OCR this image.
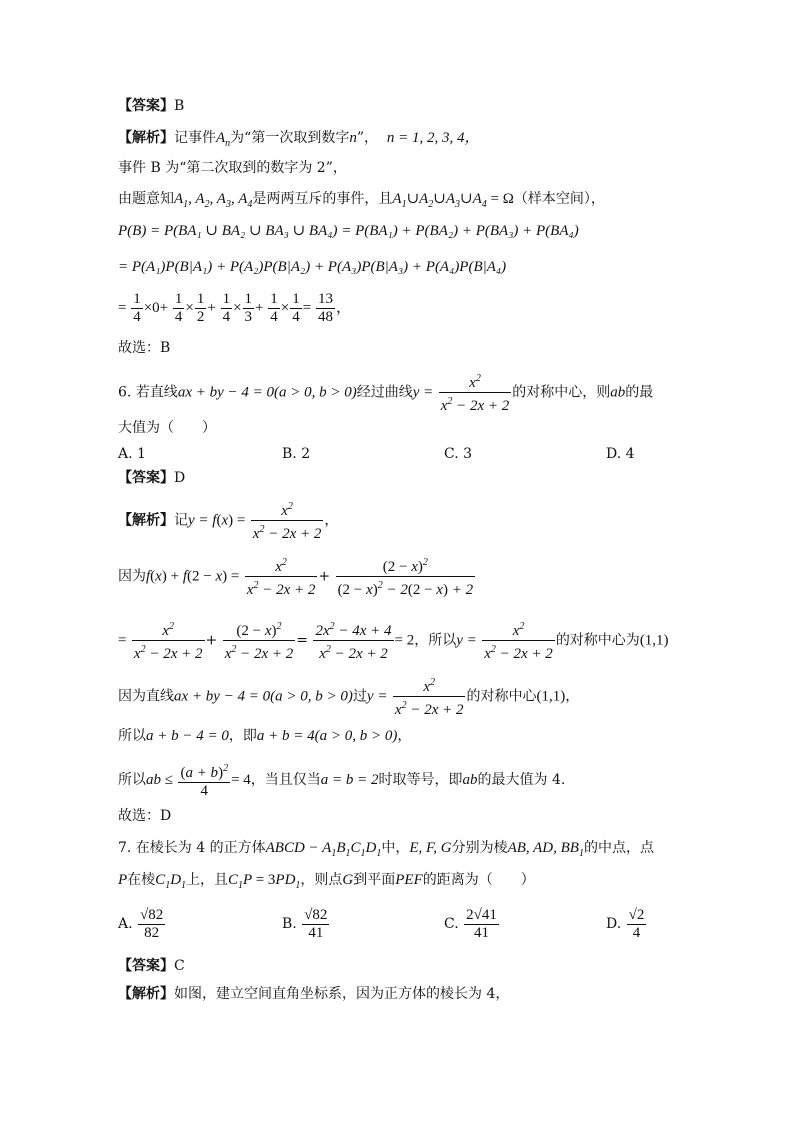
【答案】B
【解析】记事件$A_n$为“第一次取到数字n”， n = 1, 2, 3, 4，
事件 B 为“第二次取到的数字为 2”，
由题意知$A_1$, $A_2$, $A_3$, $A_4$是两两互斥的事件，且$A_1\cup A_2\cup A_3\cup A_4 = \Omega$（样本空间），
P(B) = P(BA₁ ∪ BA₂ ∪ BA₃ ∪ BA₄) = P(BA₁) + P(BA₂) + P(BA₃) + P(BA₄)
= P(A₁)P(B|A₁) + P(A₂)P(B|A₂) + P(A₃)P(B|A₃) + P(A₄)P(B|A₄)
= $\frac{1}{4} \times 0+ \frac{1}{4} \times \frac{1}{2} + \frac{1}{4} \times \frac{1}{3} + \frac{1}{4} \times \frac{1}{4} = \frac{13}{48}$ ，
故选：B
6. 若直线ax + by − 4 = 0(a > 0, b > 0)经过曲线$y = \frac{x^2}{x^2 - 2x + 2}$ 的对称中心，则ab的最
大值为（　　）
A. 1	B. 2	C. 3	D. 4
【答案】D
【解析】记$y = f(x) = \frac{x^2}{x^2 - 2x + 2}$ ，
因为$f(x) + f(2 - x) = \frac{x^2}{x^2 - 2x + 2} + \frac{(2 - x)^2}{(2 - x)^2 - 2(2 - x) + 2}$
= $\frac{x^2}{x^2 - 2x + 2} + \frac{(2 - x)^2}{x^2 - 2x + 2} = \frac{2x^2 - 4x + 4}{x^2 - 2x + 2} = 2$，所以$y = \frac{x^2}{x^2 - 2x + 2}$ 的对称中心为(1,1)
因为直线ax + by − 4 = 0(a > 0, b > 0)过$y = \frac{x^2}{x^2 - 2x + 2}$ 的对称中心(1,1)，
所以a + b − 4 = 0，即a + b = 4(a > 0, b > 0)，
所以ab ≤ $\frac{(a + b)^2}{4} = 4$，当且仅当a = b = 2时取等号，即ab的最大值为 4.
故选：D
7. 在棱长为 4 的正方体ABCD − $A_1B_1C_1D_1$中，E, F, G分别为棱AB, AD, $BB_1$的中点，点
P在棱$C_1D_1$上，且$C_1P = 3PD_1$，则点G到平面PEF的距离为（　　）
A. $\frac{√82}{82}$	B. $\frac{√82}{41}$	C. $\frac{2√41}{41}$	D. $\frac{√2}{4}$
【答案】C
【解析】如图，建立空间直角坐标系，因为正方体的棱长为 4，
